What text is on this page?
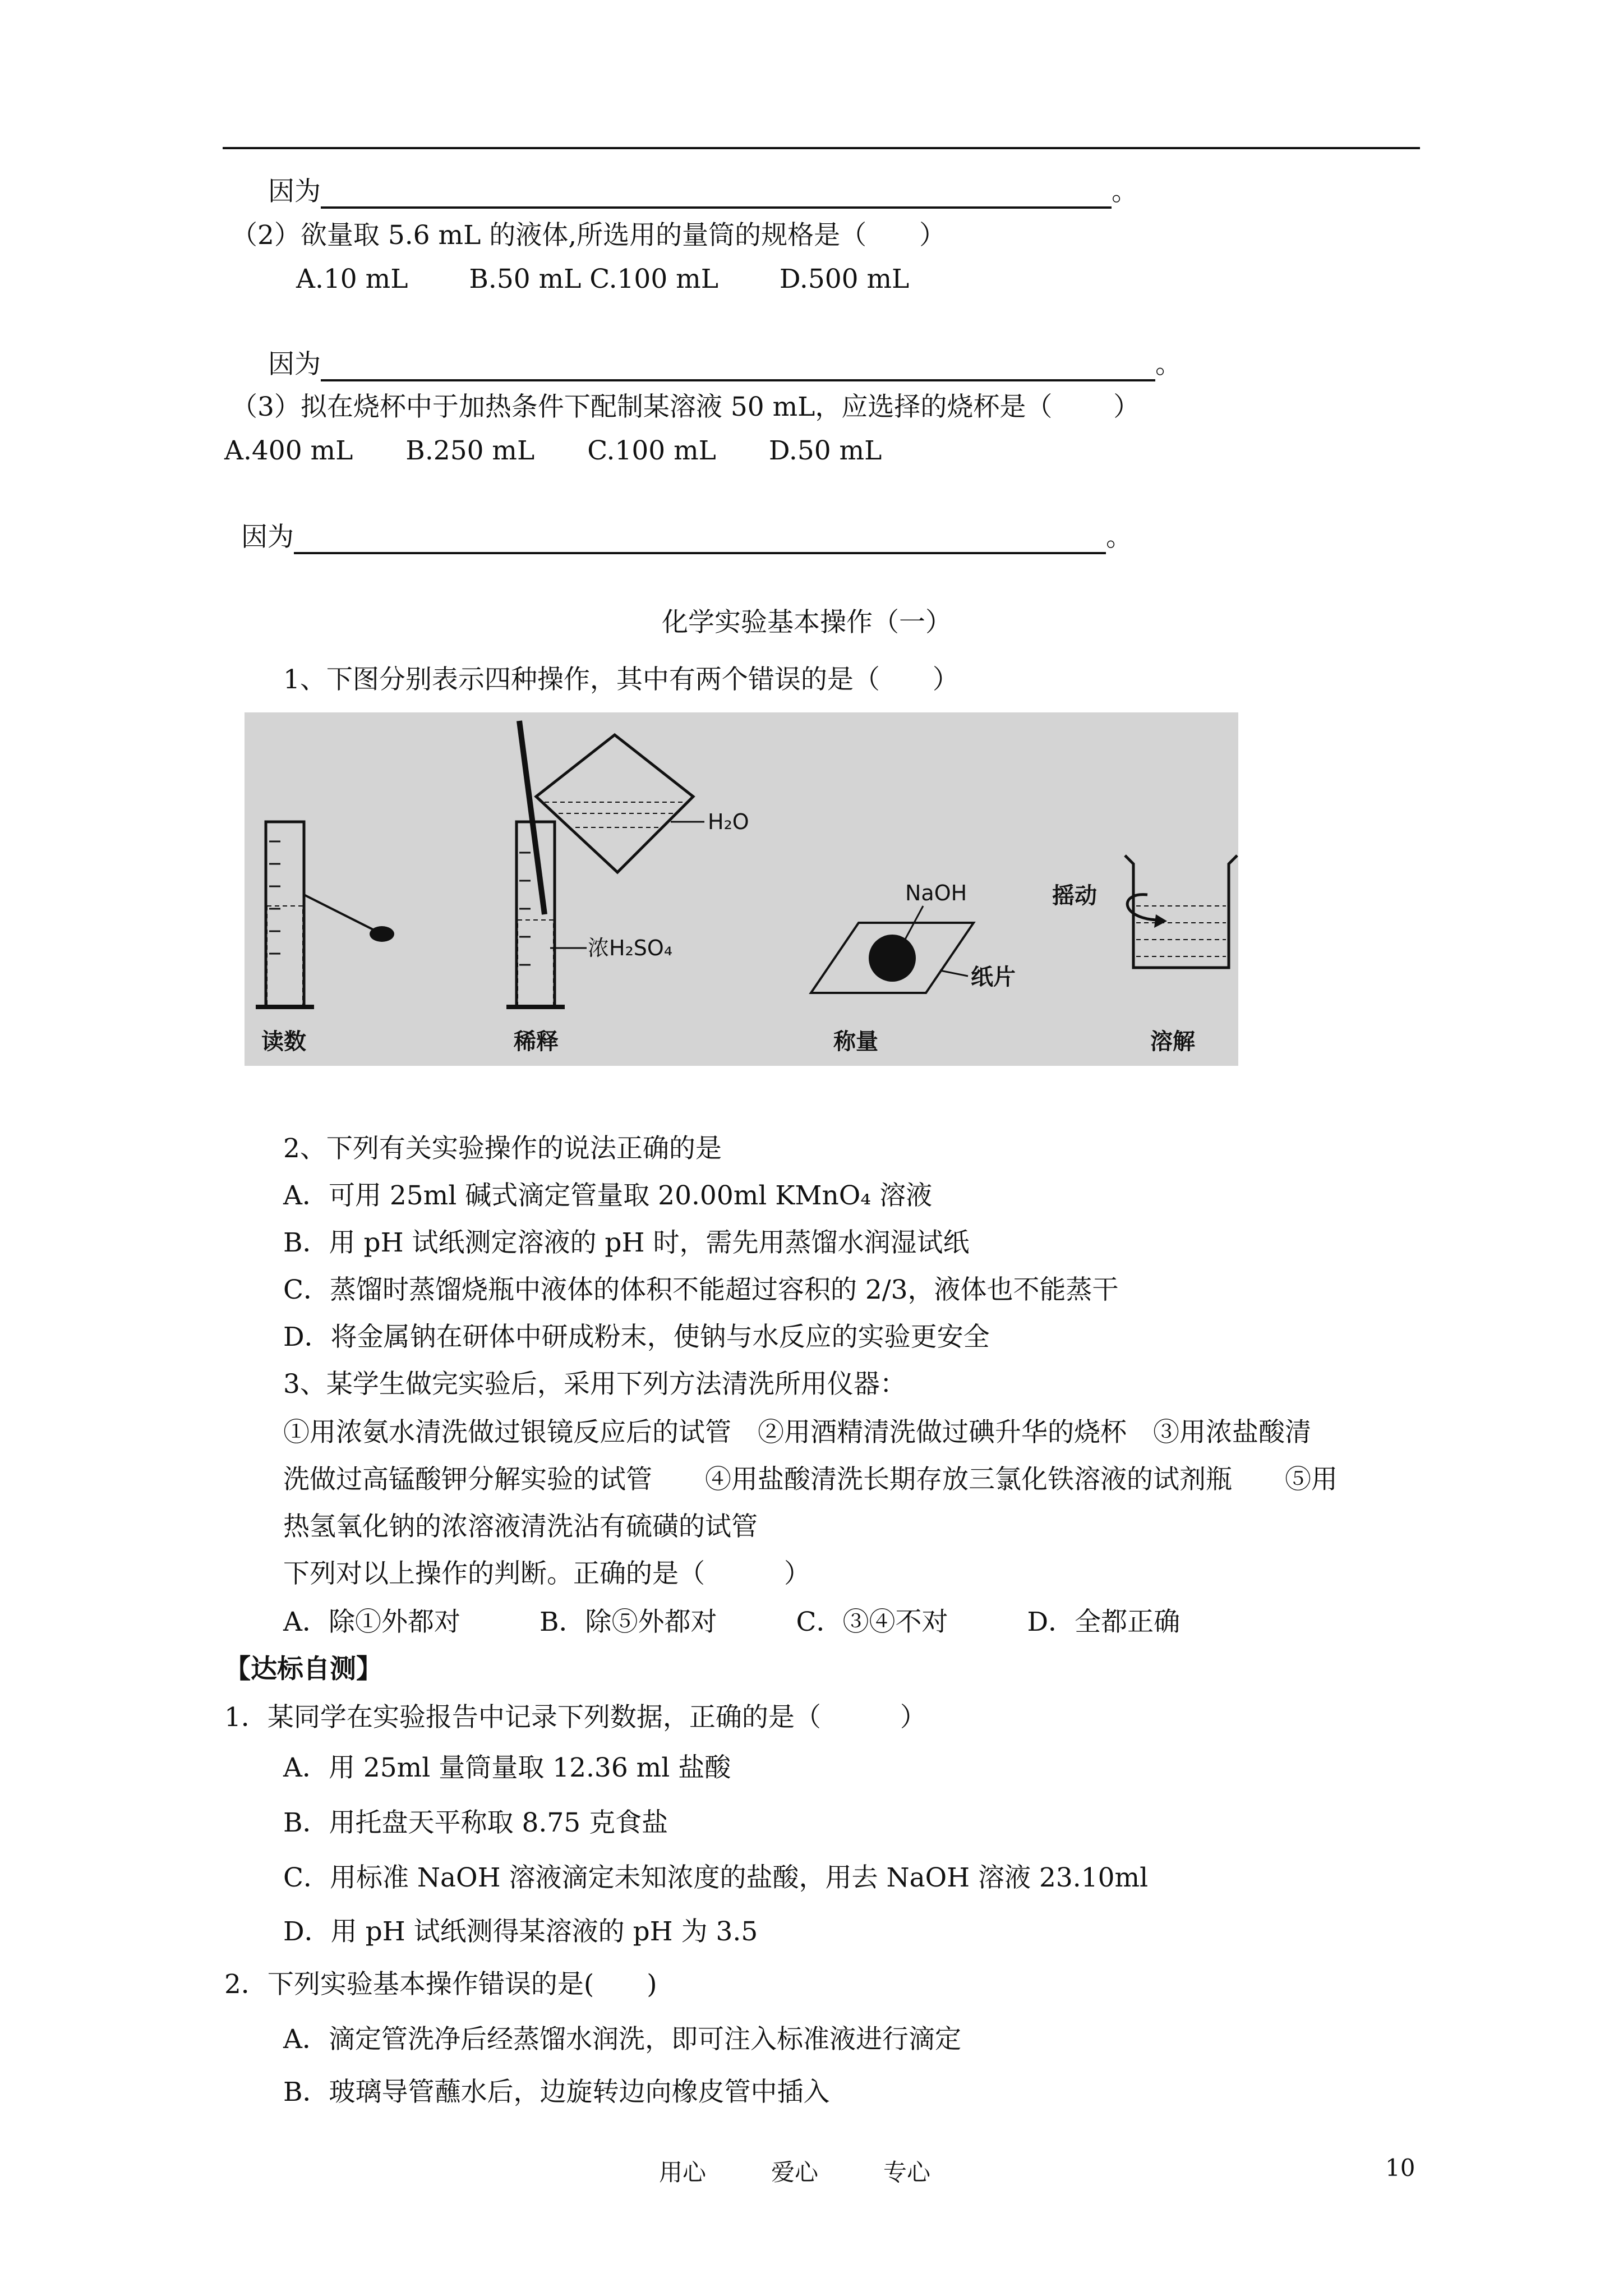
因为	。
（2）欲量取 5.6 mL 的液体,所选用的量筒的规格是（　　）
A.10 mL　　 B.50 mL C.100 mL　　 D.500 mL
因为	。
（3）拟在烧杯中于加热条件下配制某溶液 50 mL，应选择的烧杯是（　　 ）
A.400 mL　　B.250 mL　　C.100 mL　　D.50 mL
因为	。
化学实验基本操作（一）
1、下图分别表示四种操作，其中有两个错误的是（　　）
浓H₂SO₄
H₂O
NaOH
纸片
摇动
读数	稀释	称量	溶解
2、下列有关实验操作的说法正确的是
A．可用 25ml 碱式滴定管量取 20.00ml KMnO₄ 溶液
B．用 pH 试纸测定溶液的 pH 时，需先用蒸馏水润湿试纸
C．蒸馏时蒸馏烧瓶中液体的体积不能超过容积的 2/3，液体也不能蒸干
D．将金属钠在研体中研成粉末，使钠与水反应的实验更安全
3、某学生做完实验后，采用下列方法清洗所用仪器：
①用浓氨水清洗做过银镜反应后的试管　②用酒精清洗做过碘升华的烧杯　③用浓盐酸清
洗做过高锰酸钾分解实验的试管　　④用盐酸清洗长期存放三氯化铁溶液的试剂瓶　　⑤用
热氢氧化钠的浓溶液清洗沾有硫磺的试管
下列对以上操作的判断。正确的是（　　　）
A．除①外都对　　　B．除⑤外都对　　　C．③④不对　　　D．全都正确
【达标自测】
1．某同学在实验报告中记录下列数据，正确的是（　　　）
A．用 25ml 量筒量取 12.36 ml 盐酸
B．用托盘天平称取 8.75 克食盐
C．用标准 NaOH 溶液滴定未知浓度的盐酸，用去 NaOH 溶液 23.10ml
D．用 pH 试纸测得某溶液的 pH 为 3.5
2．下列实验基本操作错误的是(　　)
A．滴定管洗净后经蒸馏水润洗，即可注入标准液进行滴定
B．玻璃导管蘸水后，边旋转边向橡皮管中插入
用心	爱心	专心	10
